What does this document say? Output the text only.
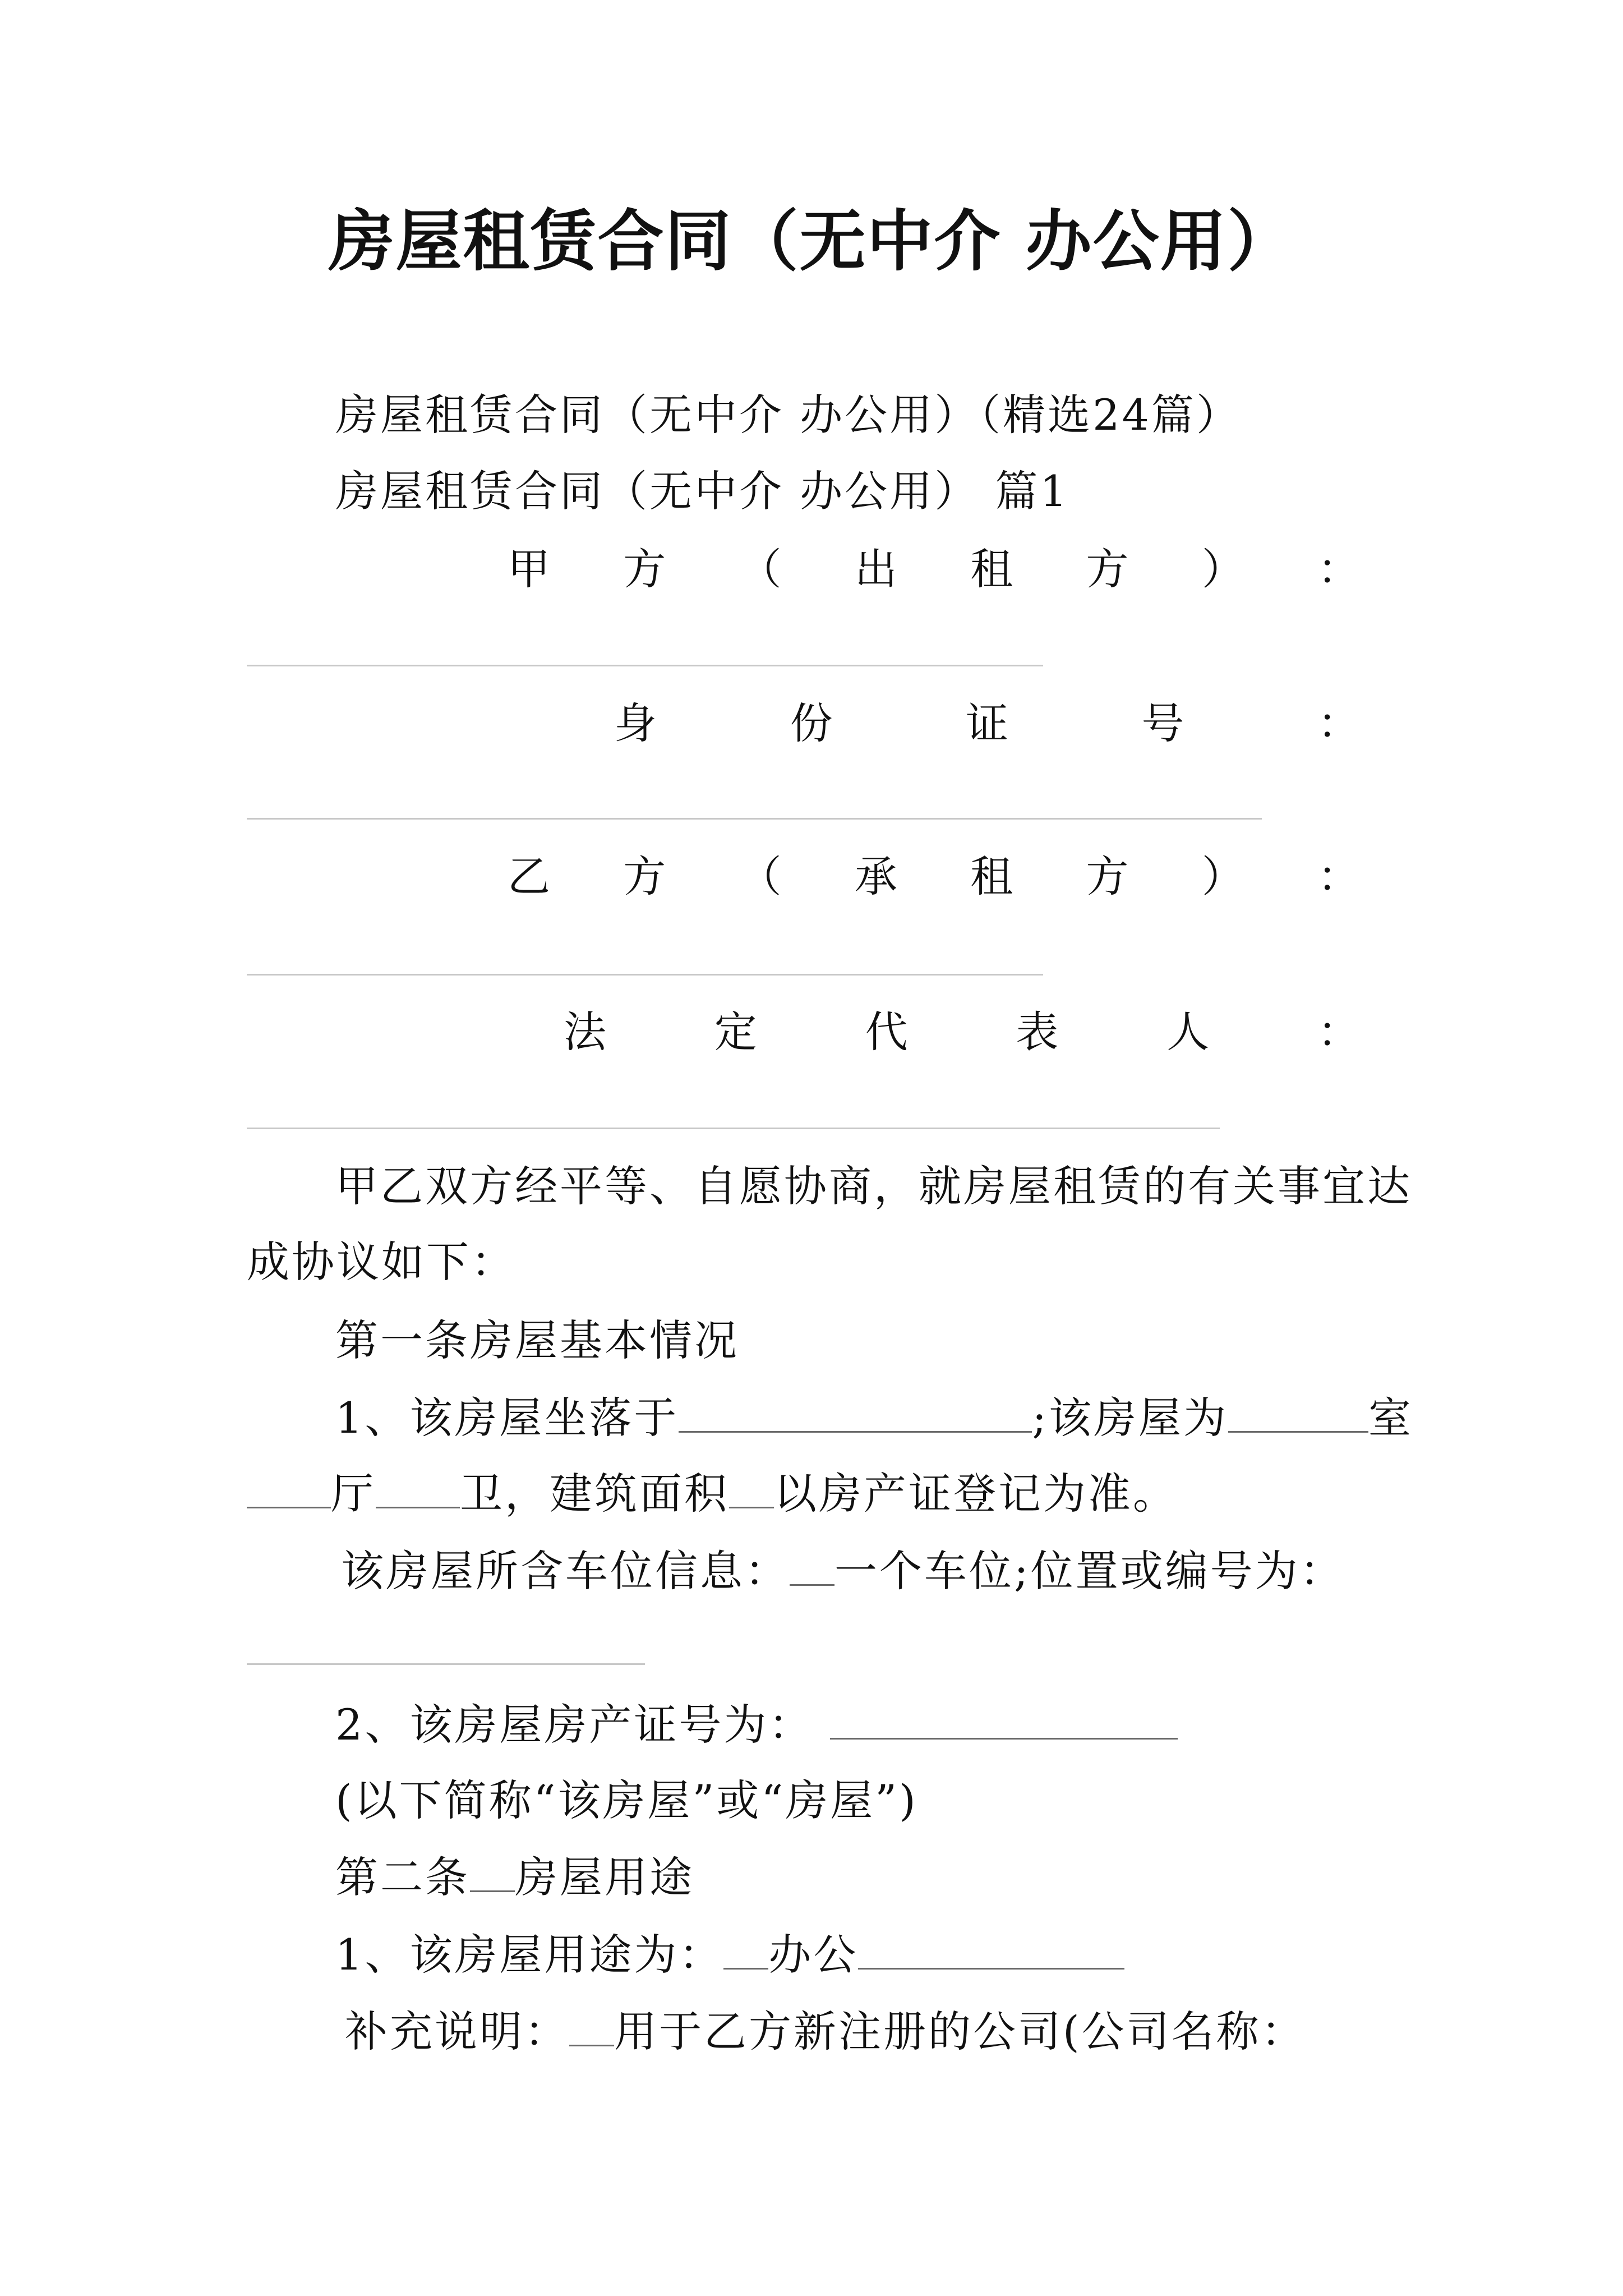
房屋租赁合同（无中介 办公用）
房屋租赁合同（无中介 办公用）（精选24篇）
房屋租赁合同（无中介 办公用） 篇1
甲 方 （ 出 租 方 ） ：
身	份	证	号	：
乙 方 （ 承 租 方 ） ：
法	定	代	表	人	：
甲乙双方经平等、自愿协商，就房屋租赁的有关事宜达
成协议如下：
第一条房屋基本情况
1、该房屋坐落于	;该房屋为	室
厅 卫，建筑面积 以房产证登记为准。
该房屋所含车位信息： 一个车位;位置或编号为：
2、该房屋房产证号为：
(以下简称“该房屋”或“房屋”)
第二条 房屋用途
1、该房屋用途为： 办公
补充说明： 用于乙方新注册的公司(公司名称：
